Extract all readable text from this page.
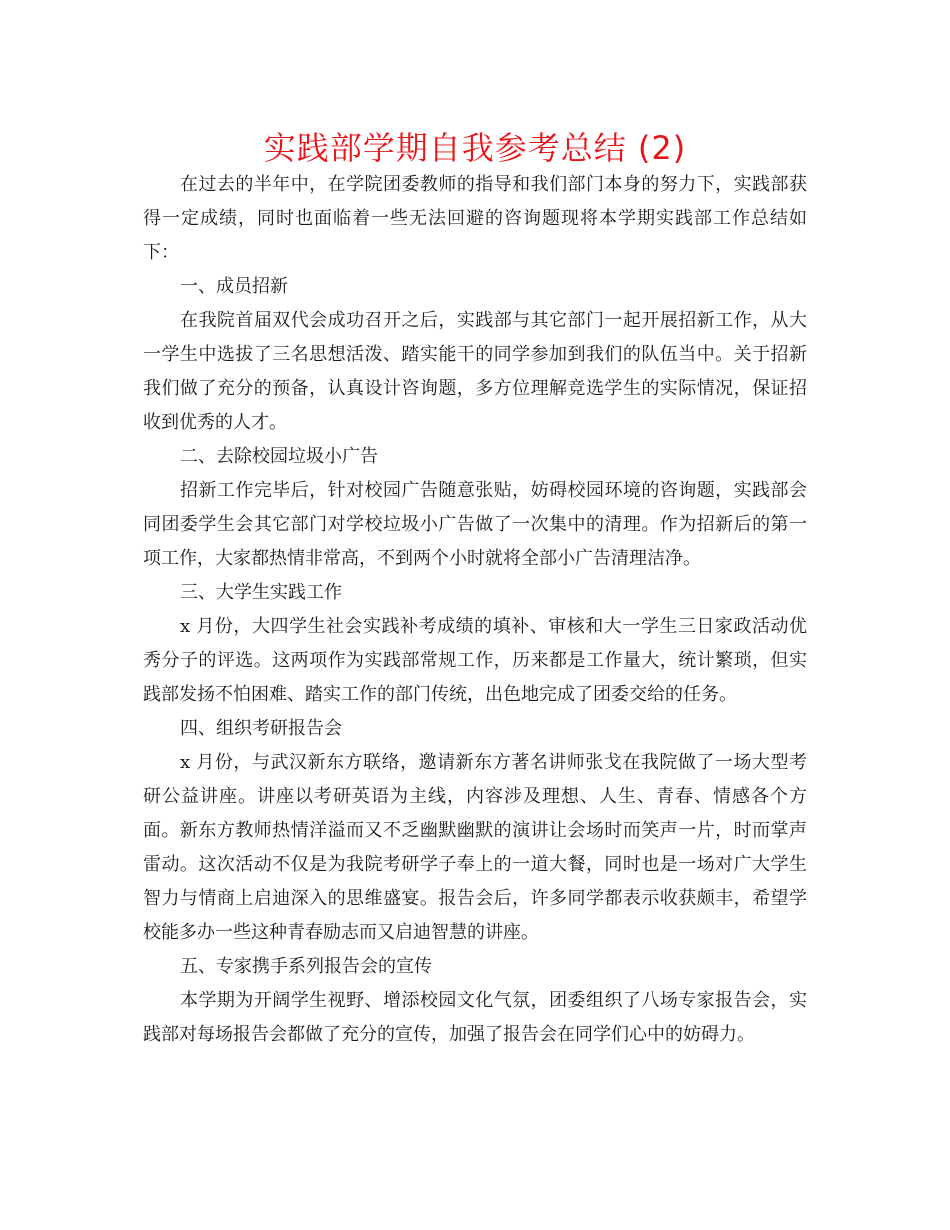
实践部学期自我参考总结 (2)

在过去的半年中，在学院团委教师的指导和我们部门本身的努力下，实践部获得一定成绩，同时也面临着一些无法回避的咨询题现将本学期实践部工作总结如下：

一、成员招新

在我院首届双代会成功召开之后，实践部与其它部门一起开展招新工作，从大一学生中选拔了三名思想活泼、踏实能干的同学参加到我们的队伍当中。关于招新我们做了充分的预备，认真设计咨询题，多方位理解竞选学生的实际情况，保证招收到优秀的人才。

二、去除校园垃圾小广告

招新工作完毕后，针对校园广告随意张贴，妨碍校园环境的咨询题，实践部会同团委学生会其它部门对学校垃圾小广告做了一次集中的清理。作为招新后的第一项工作，大家都热情非常高，不到两个小时就将全部小广告清理洁净。

三、大学生实践工作

x 月份，大四学生社会实践补考成绩的填补、审核和大一学生三日家政活动优秀分子的评选。这两项作为实践部常规工作，历来都是工作量大，统计繁琐，但实践部发扬不怕困难、踏实工作的部门传统，出色地完成了团委交给的任务。

四、组织考研报告会

x 月份，与武汉新东方联络，邀请新东方著名讲师张戈在我院做了一场大型考研公益讲座。讲座以考研英语为主线，内容涉及理想、人生、青春、情感各个方面。新东方教师热情洋溢而又不乏幽默幽默的演讲让会场时而笑声一片，时而掌声雷动。这次活动不仅是为我院考研学子奉上的一道大餐，同时也是一场对广大学生智力与情商上启迪深入的思维盛宴。报告会后，许多同学都表示收获颇丰，希望学校能多办一些这种青春励志而又启迪智慧的讲座。

五、专家携手系列报告会的宣传

本学期为开阔学生视野、增添校园文化气氛，团委组织了八场专家报告会，实践部对每场报告会都做了充分的宣传，加强了报告会在同学们心中的妨碍力。
